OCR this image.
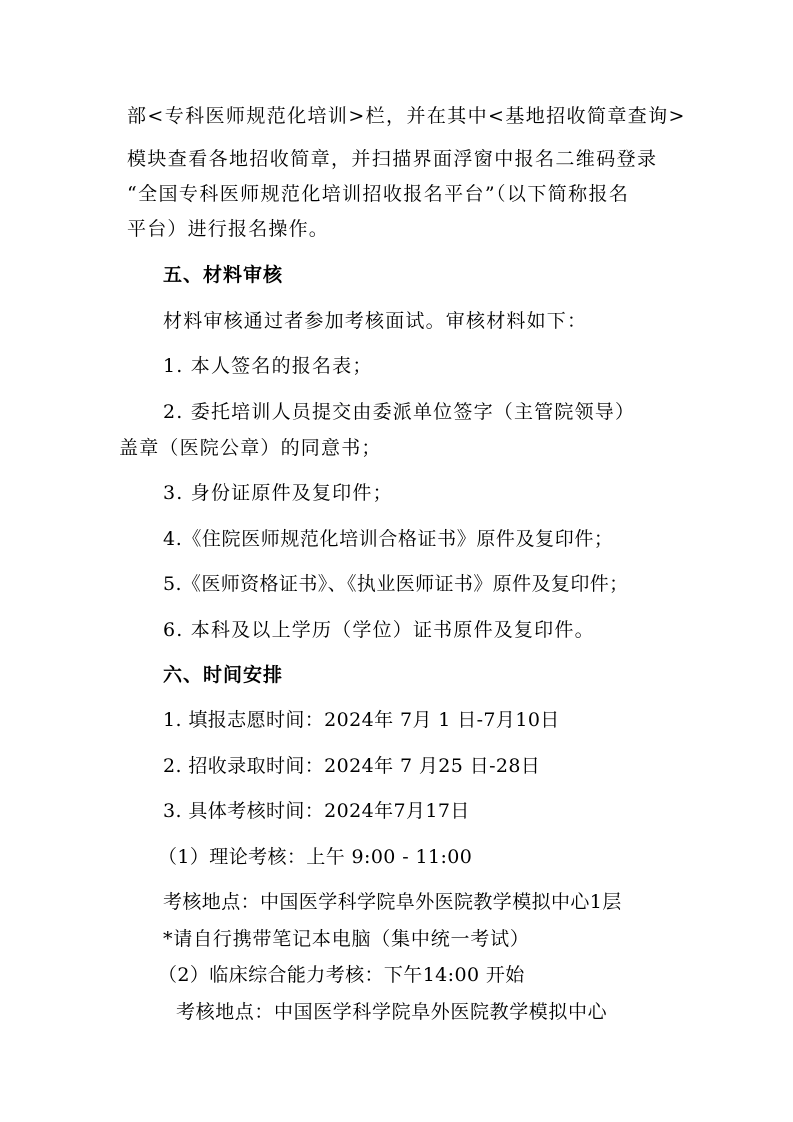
部<专科医师规范化培训>栏，并在其中<基地招收简章查询>
模块查看各地招收简章，并扫描界面浮窗中报名二维码登录
“全国专科医师规范化培训招收报名平台”（以下简称报名
平台）进行报名操作。
五、材料审核
材料审核通过者参加考核面试。审核材料如下：
1. 本人签名的报名表；
2. 委托培训人员提交由委派单位签字（主管院领导）
盖章（医院公章）的同意书；
3. 身份证原件及复印件；
4.《住院医师规范化培训合格证书》原件及复印件；
5.《医师资格证书》、《执业医师证书》原件及复印件；
6. 本科及以上学历（学位）证书原件及复印件。
六、时间安排
1. 填报志愿时间：2024年 7月 1 日-7月10日
2. 招收录取时间：2024年 7 月25 日-28日
3. 具体考核时间：2024年7月17日
（1）理论考核：上午 9:00 - 11:00
考核地点：中国医学科学院阜外医院教学模拟中心1层
*请自行携带笔记本电脑（集中统一考试）
（2）临床综合能力考核：下午14:00 开始
考核地点：中国医学科学院阜外医院教学模拟中心
